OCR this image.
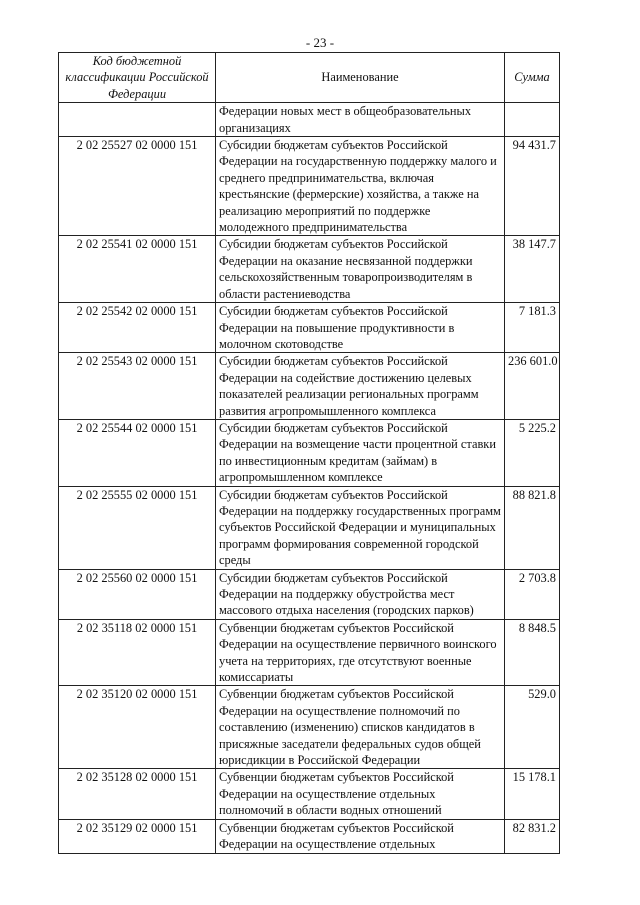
- 23 -
Код бюджетной классификации Российской Федерации	Наименование	Сумма
	Федерации новых мест в общеобразовательных организациях	
2 02 25527 02 0000 151	Субсидии бюджетам субъектов Российской Федерации на государственную поддержку малого и среднего предпринимательства, включая крестьянские (фермерские) хозяйства, а также на реализацию мероприятий по поддержке молодежного предпринимательства	94 431.7
2 02 25541 02 0000 151	Субсидии бюджетам субъектов Российской Федерации на оказание несвязанной поддержки сельскохозяйственным товаропроизводителям в области растениеводства	38 147.7
2 02 25542 02 0000 151	Субсидии бюджетам субъектов Российской Федерации на повышение продуктивности в молочном скотоводстве	7 181.3
2 02 25543 02 0000 151	Субсидии бюджетам субъектов Российской Федерации на содействие достижению целевых показателей реализации региональных программ развития агропромышленного комплекса	236 601.0
2 02 25544 02 0000 151	Субсидии бюджетам субъектов Российской Федерации на возмещение части процентной ставки по инвестиционным кредитам (займам) в агропромышленном комплексе	5 225.2
2 02 25555 02 0000 151	Субсидии бюджетам субъектов Российской Федерации на поддержку государственных программ субъектов Российской Федерации и муниципальных программ формирования современной городской среды	88 821.8
2 02 25560 02 0000 151	Субсидии бюджетам субъектов Российской Федерации на поддержку обустройства мест массового отдыха населения (городских парков)	2 703.8
2 02 35118 02 0000 151	Субвенции бюджетам субъектов Российской Федерации на осуществление первичного воинского учета на территориях, где отсутствуют военные комиссариаты	8 848.5
2 02 35120 02 0000 151	Субвенции бюджетам субъектов Российской Федерации на осуществление полномочий по составлению (изменению) списков кандидатов в присяжные заседатели федеральных судов общей юрисдикции в Российской Федерации	529.0
2 02 35128 02 0000 151	Субвенции бюджетам субъектов Российской Федерации на осуществление отдельных полномочий в области водных отношений	15 178.1
2 02 35129 02 0000 151	Субвенции бюджетам субъектов Российской Федерации на осуществление отдельных	82 831.2
